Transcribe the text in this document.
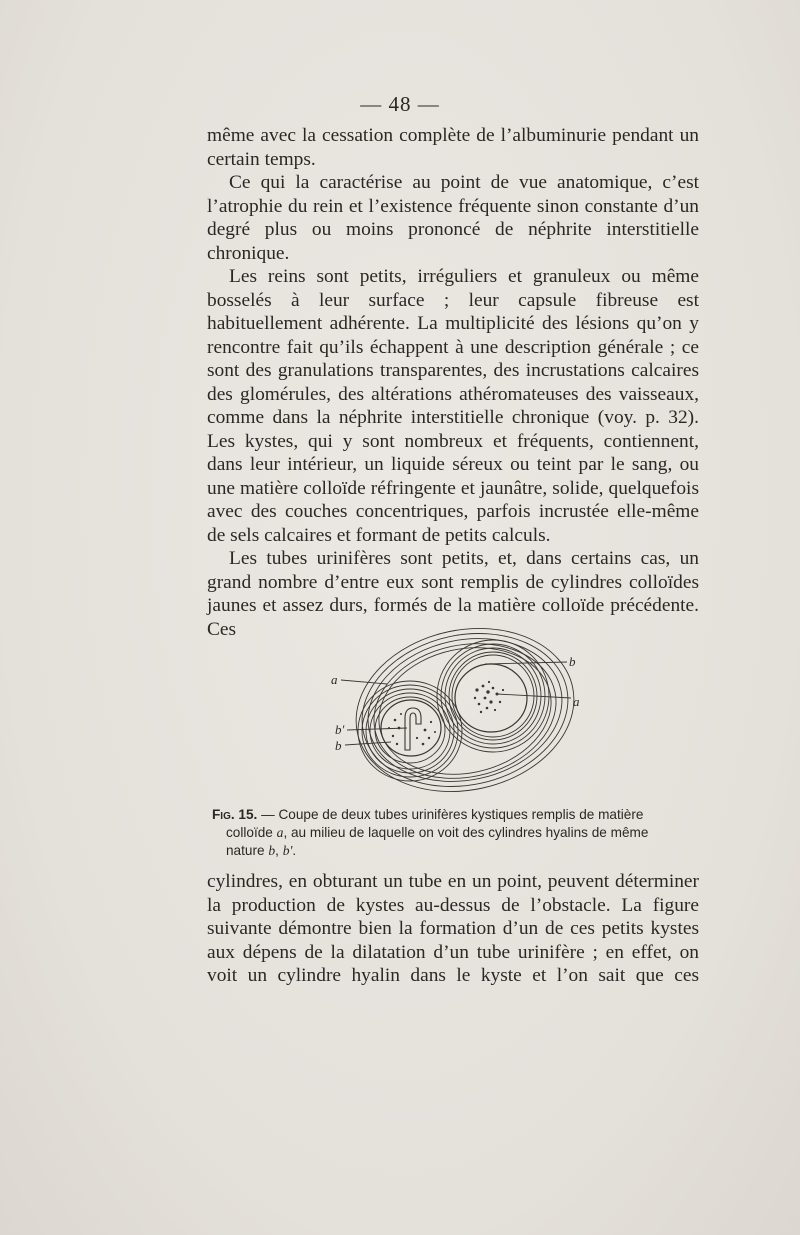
— 48 —

même avec la cessation complète de l’albuminurie pendant un certain temps.

Ce qui la caractérise au point de vue anatomique, c’est l’atrophie du rein et l’existence fréquente sinon constante d’un degré plus ou moins prononcé de néphrite interstitielle chronique.

Les reins sont petits, irréguliers et granuleux ou même bosselés à leur surface ; leur capsule fibreuse est habituellement adhérente. La multiplicité des lésions qu’on y rencontre fait qu’ils échappent à une description générale ; ce sont des granulations transparentes, des incrustations calcaires des glomérules, des altérations athéromateuses des vaisseaux, comme dans la néphrite interstitielle chronique (voy. p. 32). Les kystes, qui y sont nombreux et fréquents, contiennent, dans leur intérieur, un liquide séreux ou teint par le sang, ou une matière colloïde réfringente et jaunâtre, solide, quelquefois avec des couches concentriques, parfois incrustée elle-même de sels calcaires et formant de petits calculs.

Les tubes urinifères sont petits, et, dans certains cas, un grand nombre d’entre eux sont remplis de cylindres colloïdes jaunes et assez durs, formés de la matière colloïde précédente. Ces

a
b
a
b'
b
Fig. 15. — Coupe de deux tubes urinifères kystiques remplis de matière
colloïde a, au milieu de laquelle on voit des cylindres hyalins de même
nature b, b'.

cylindres, en obturant un tube en un point, peuvent déterminer la production de kystes au-dessus de l’obstacle. La figure suivante démontre bien la formation d’un de ces petits kystes aux dépens de la dilatation d’un tube urinifère ; en effet, on voit un cylindre hyalin dans le kyste et l’on sait que ces
